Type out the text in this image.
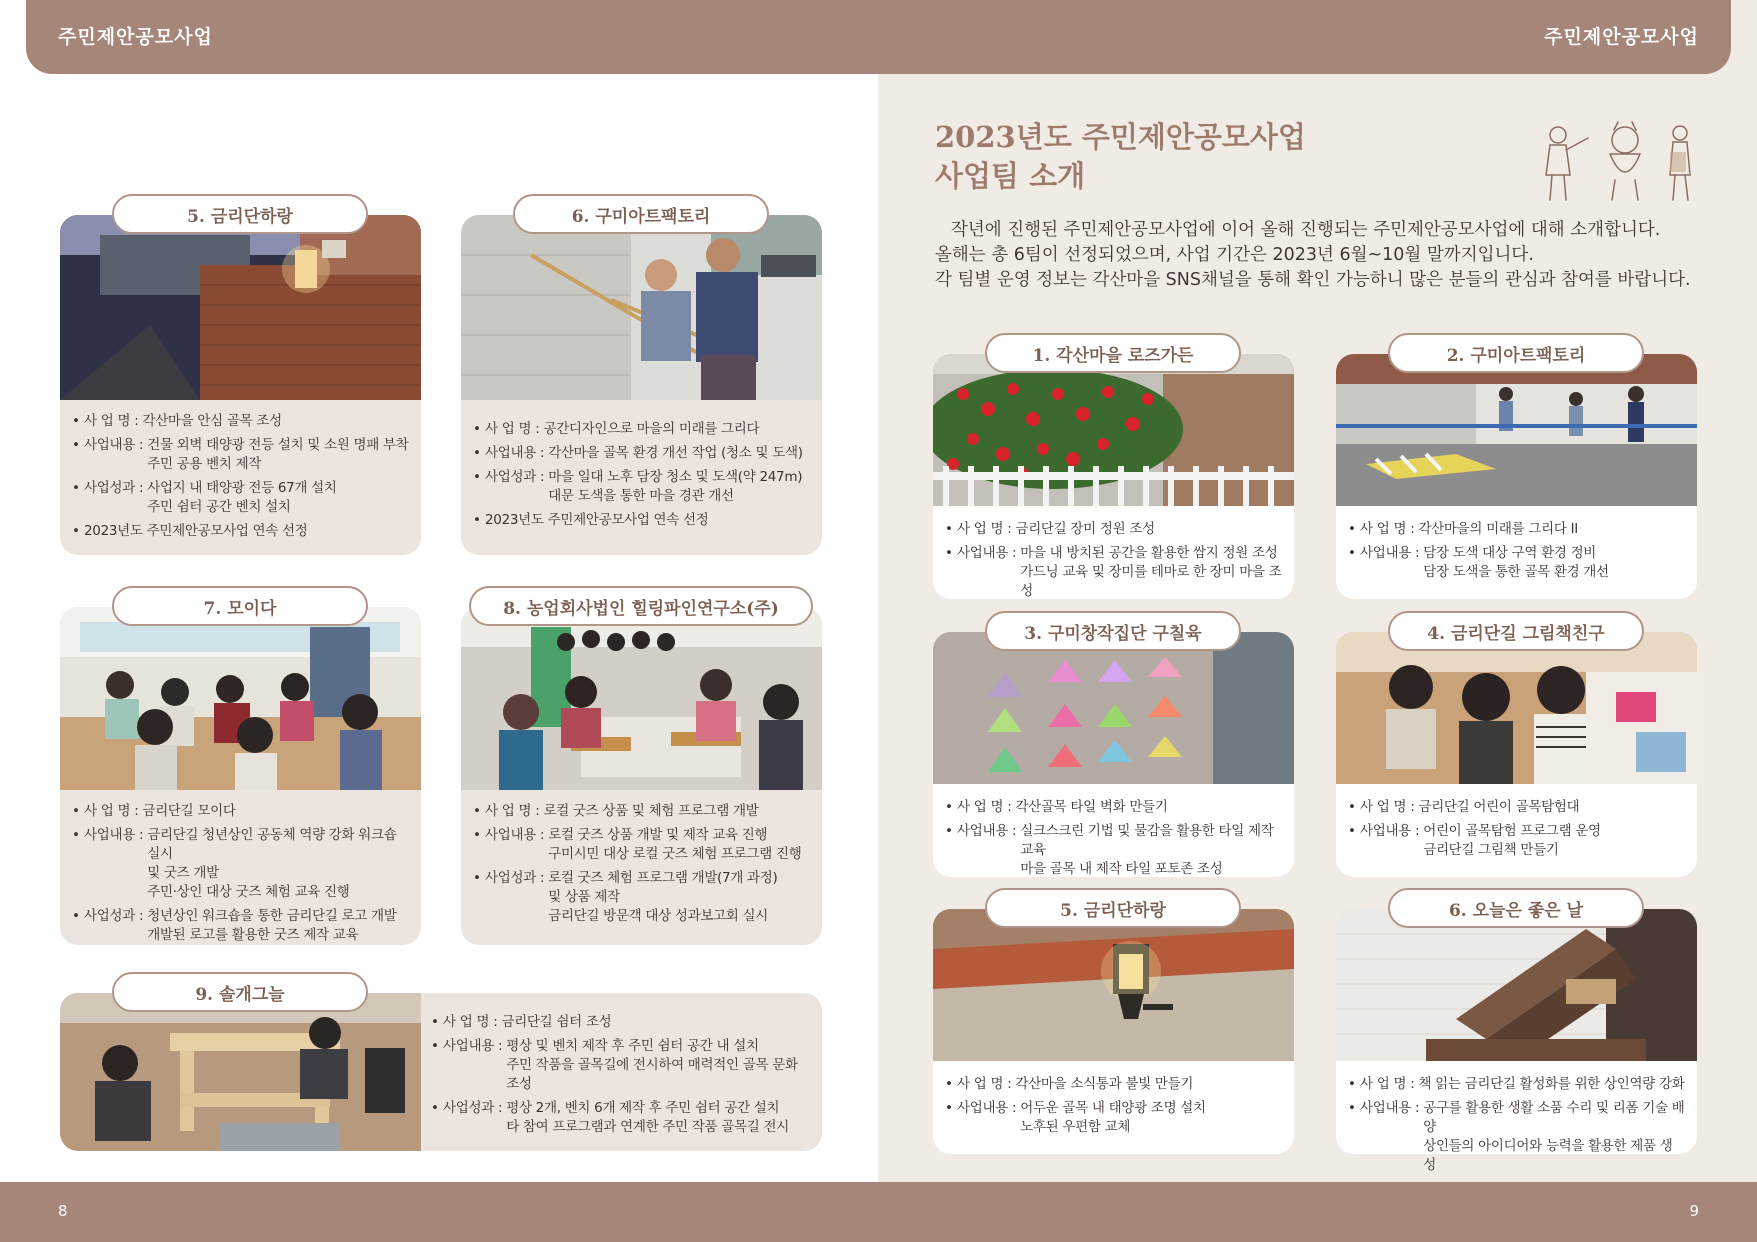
주민제안공모사업	주민제안공모사업
• 사 업 명 : 각산마을 안심 골목 조성
• 사업내용 : 건물 외벽 태양광 전등 설치 및 소원 명패 부착
주민 공용 벤치 제작
• 사업성과 : 사업지 내 태양광 전등 67개 설치
주민 쉼터 공간 벤치 설치
• 2023년도 주민제안공모사업 연속 선정
5. 금리단하랑
• 사 업 명 : 공간디자인으로 마을의 미래를 그리다
• 사업내용 : 각산마을 골목 환경 개선 작업 (청소 및 도색)
• 사업성과 : 마을 일대 노후 담장 청소 및 도색(약 247m)
대문 도색을 통한 마을 경관 개선
• 2023년도 주민제안공모사업 연속 선정
6. 구미아트팩토리
• 사 업 명 : 금리단길 모이다
• 사업내용 : 금리단길 청년상인 공동체 역량 강화 워크숍 실시
및 굿즈 개발
주민·상인 대상 굿즈 체험 교육 진행
• 사업성과 : 청년상인 워크숍을 통한 금리단길 로고 개발
개발된 로고를 활용한 굿즈 제작 교육
7. 모이다
• 사 업 명 : 로컬 굿즈 상품 및 체험 프로그램 개발
• 사업내용 : 로컬 굿즈 상품 개발 및 제작 교육 진행
구미시민 대상 로컬 굿즈 체험 프로그램 진행
• 사업성과 : 로컬 굿즈 체험 프로그램 개발(7개 과정)
및 상품 제작
금리단길 방문객 대상 성과보고회 실시
8. 농업회사법인 힐링파인연구소(주)
• 사 업 명 : 금리단길 쉼터 조성
• 사업내용 : 평상 및 벤치 제작 후 주민 쉼터 공간 내 설치
주민 작품을 골목길에 전시하여 매력적인 골목 문화 조성
• 사업성과 : 평상 2개, 벤치 6개 제작 후 주민 쉼터 공간 설치
타 참여 프로그램과 연계한 주민 작품 골목길 전시
9. 솔개그늘
2023년도 주민제안공모사업
사업팀 소개
작년에 진행된 주민제안공모사업에 이어 올해 진행되는 주민제안공모사업에 대해 소개합니다.
올해는 총 6팀이 선정되었으며, 사업 기간은 2023년 6월~10월 말까지입니다.
각 팀별 운영 정보는 각산마을 SNS채널을 통해 확인 가능하니 많은 분들의 관심과 참여를 바랍니다.
• 사 업 명 : 금리단길 장미 정원 조성
• 사업내용 : 마을 내 방치된 공간을 활용한 쌈지 정원 조성
가드닝 교육 및 장미를 테마로 한 장미 마을 조성
1. 각산마을 로즈가든
• 사 업 명 : 각산마을의 미래를 그리다 II
• 사업내용 : 담장 도색 대상 구역 환경 정비
담장 도색을 통한 골목 환경 개선
2. 구미아트팩토리
• 사 업 명 : 각산골목 타일 벽화 만들기
• 사업내용 : 실크스크린 기법 및 물감을 활용한 타일 제작 교육
마을 골목 내 제작 타일 포토존 조성
3. 구미창작집단 구칠육
• 사 업 명 : 금리단길 어린이 골목탐험대
• 사업내용 : 어린이 골목탐험 프로그램 운영
금리단길 그림책 만들기
4. 금리단길 그림책친구
• 사 업 명 : 각산마을 소식통과 불빛 만들기
• 사업내용 : 어두운 골목 내 태양광 조명 설치
노후된 우편함 교체
5. 금리단하랑
• 사 업 명 : 책 읽는 금리단길 활성화를 위한 상인역량 강화
• 사업내용 : 공구를 활용한 생활 소품 수리 및 리폼 기술 배양
상인들의 아이디어와 능력을 활용한 제품 생성
6. 오늘은 좋은 날
8	9
